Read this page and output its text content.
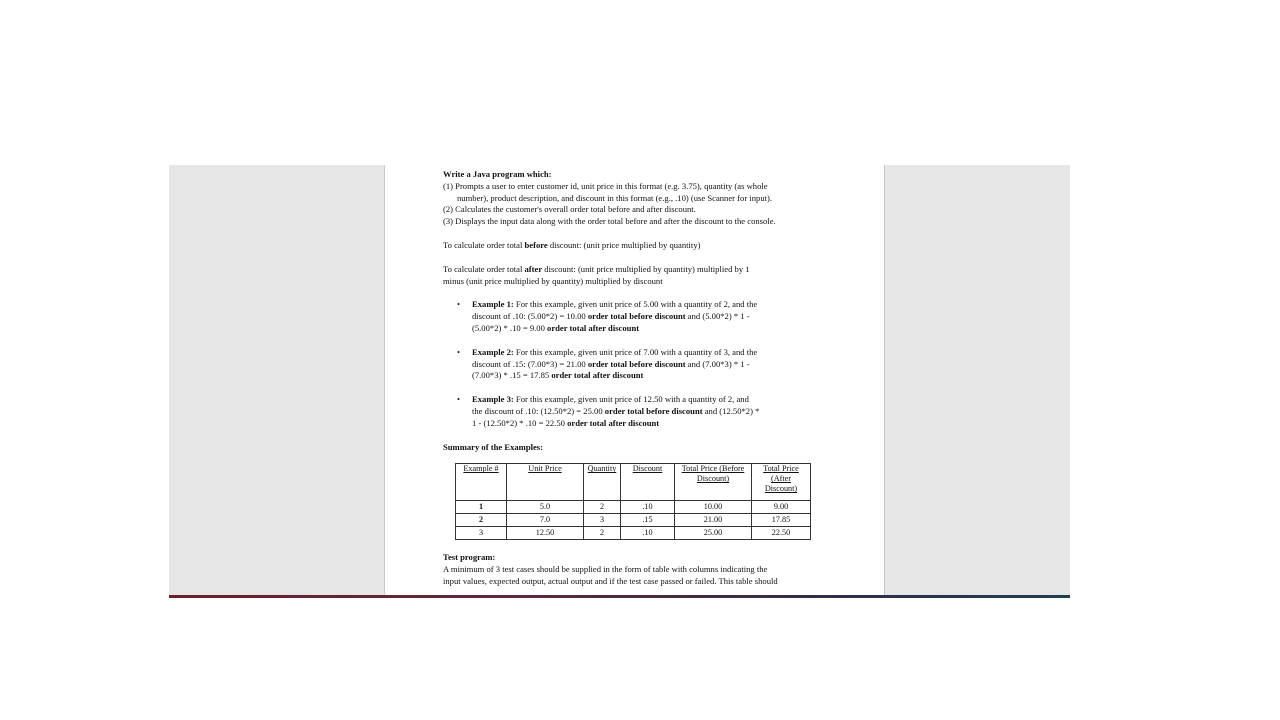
Write a Java program which:
(1) Prompts a user to enter customer id, unit price in this format (e.g. 3.75), quantity (as whole
number), product description, and discount in this format (e.g., .10) (use Scanner for input).
(2) Calculates the customer's overall order total before and after discount.
(3) Displays the input data along with the order total before and after the discount to the console.
To calculate order total before discount: (unit price multiplied by quantity)
To calculate order total after discount: (unit price multiplied by quantity) multiplied by 1
minus (unit price multiplied by quantity) multiplied by discount
• Example 1: For this example, given unit price of 5.00 with a quantity of 2, and the
discount of .10: (5.00*2) = 10.00 order total before discount and (5.00*2) * 1 -
(5.00*2) * .10 = 9.00 order total after discount
• Example 2: For this example, given unit price of 7.00 with a quantity of 3, and the
discount of .15: (7.00*3) = 21.00 order total before discount and (7.00*3) * 1 -
(7.00*3) * .15 = 17.85 order total after discount
• Example 3: For this example, given unit price of 12.50 with a quantity of 2, and
the discount of .10: (12.50*2) = 25.00 order total before discount and (12.50*2) *
1 - (12.50*2) * .10 = 22.50 order total after discount
Summary of the Examples:
Example #	Unit Price	Quantity	Discount	Total Price (Before Discount)	Total Price (After Discount)
1	5.0	2	.10	10.00	9.00
2	7.0	3	.15	21.00	17.85
3	12.50	2	.10	25.00	22.50
Test program:
A minimum of 3 test cases should be supplied in the form of table with columns indicating the
input values, expected output, actual output and if the test case passed or failed. This table should
